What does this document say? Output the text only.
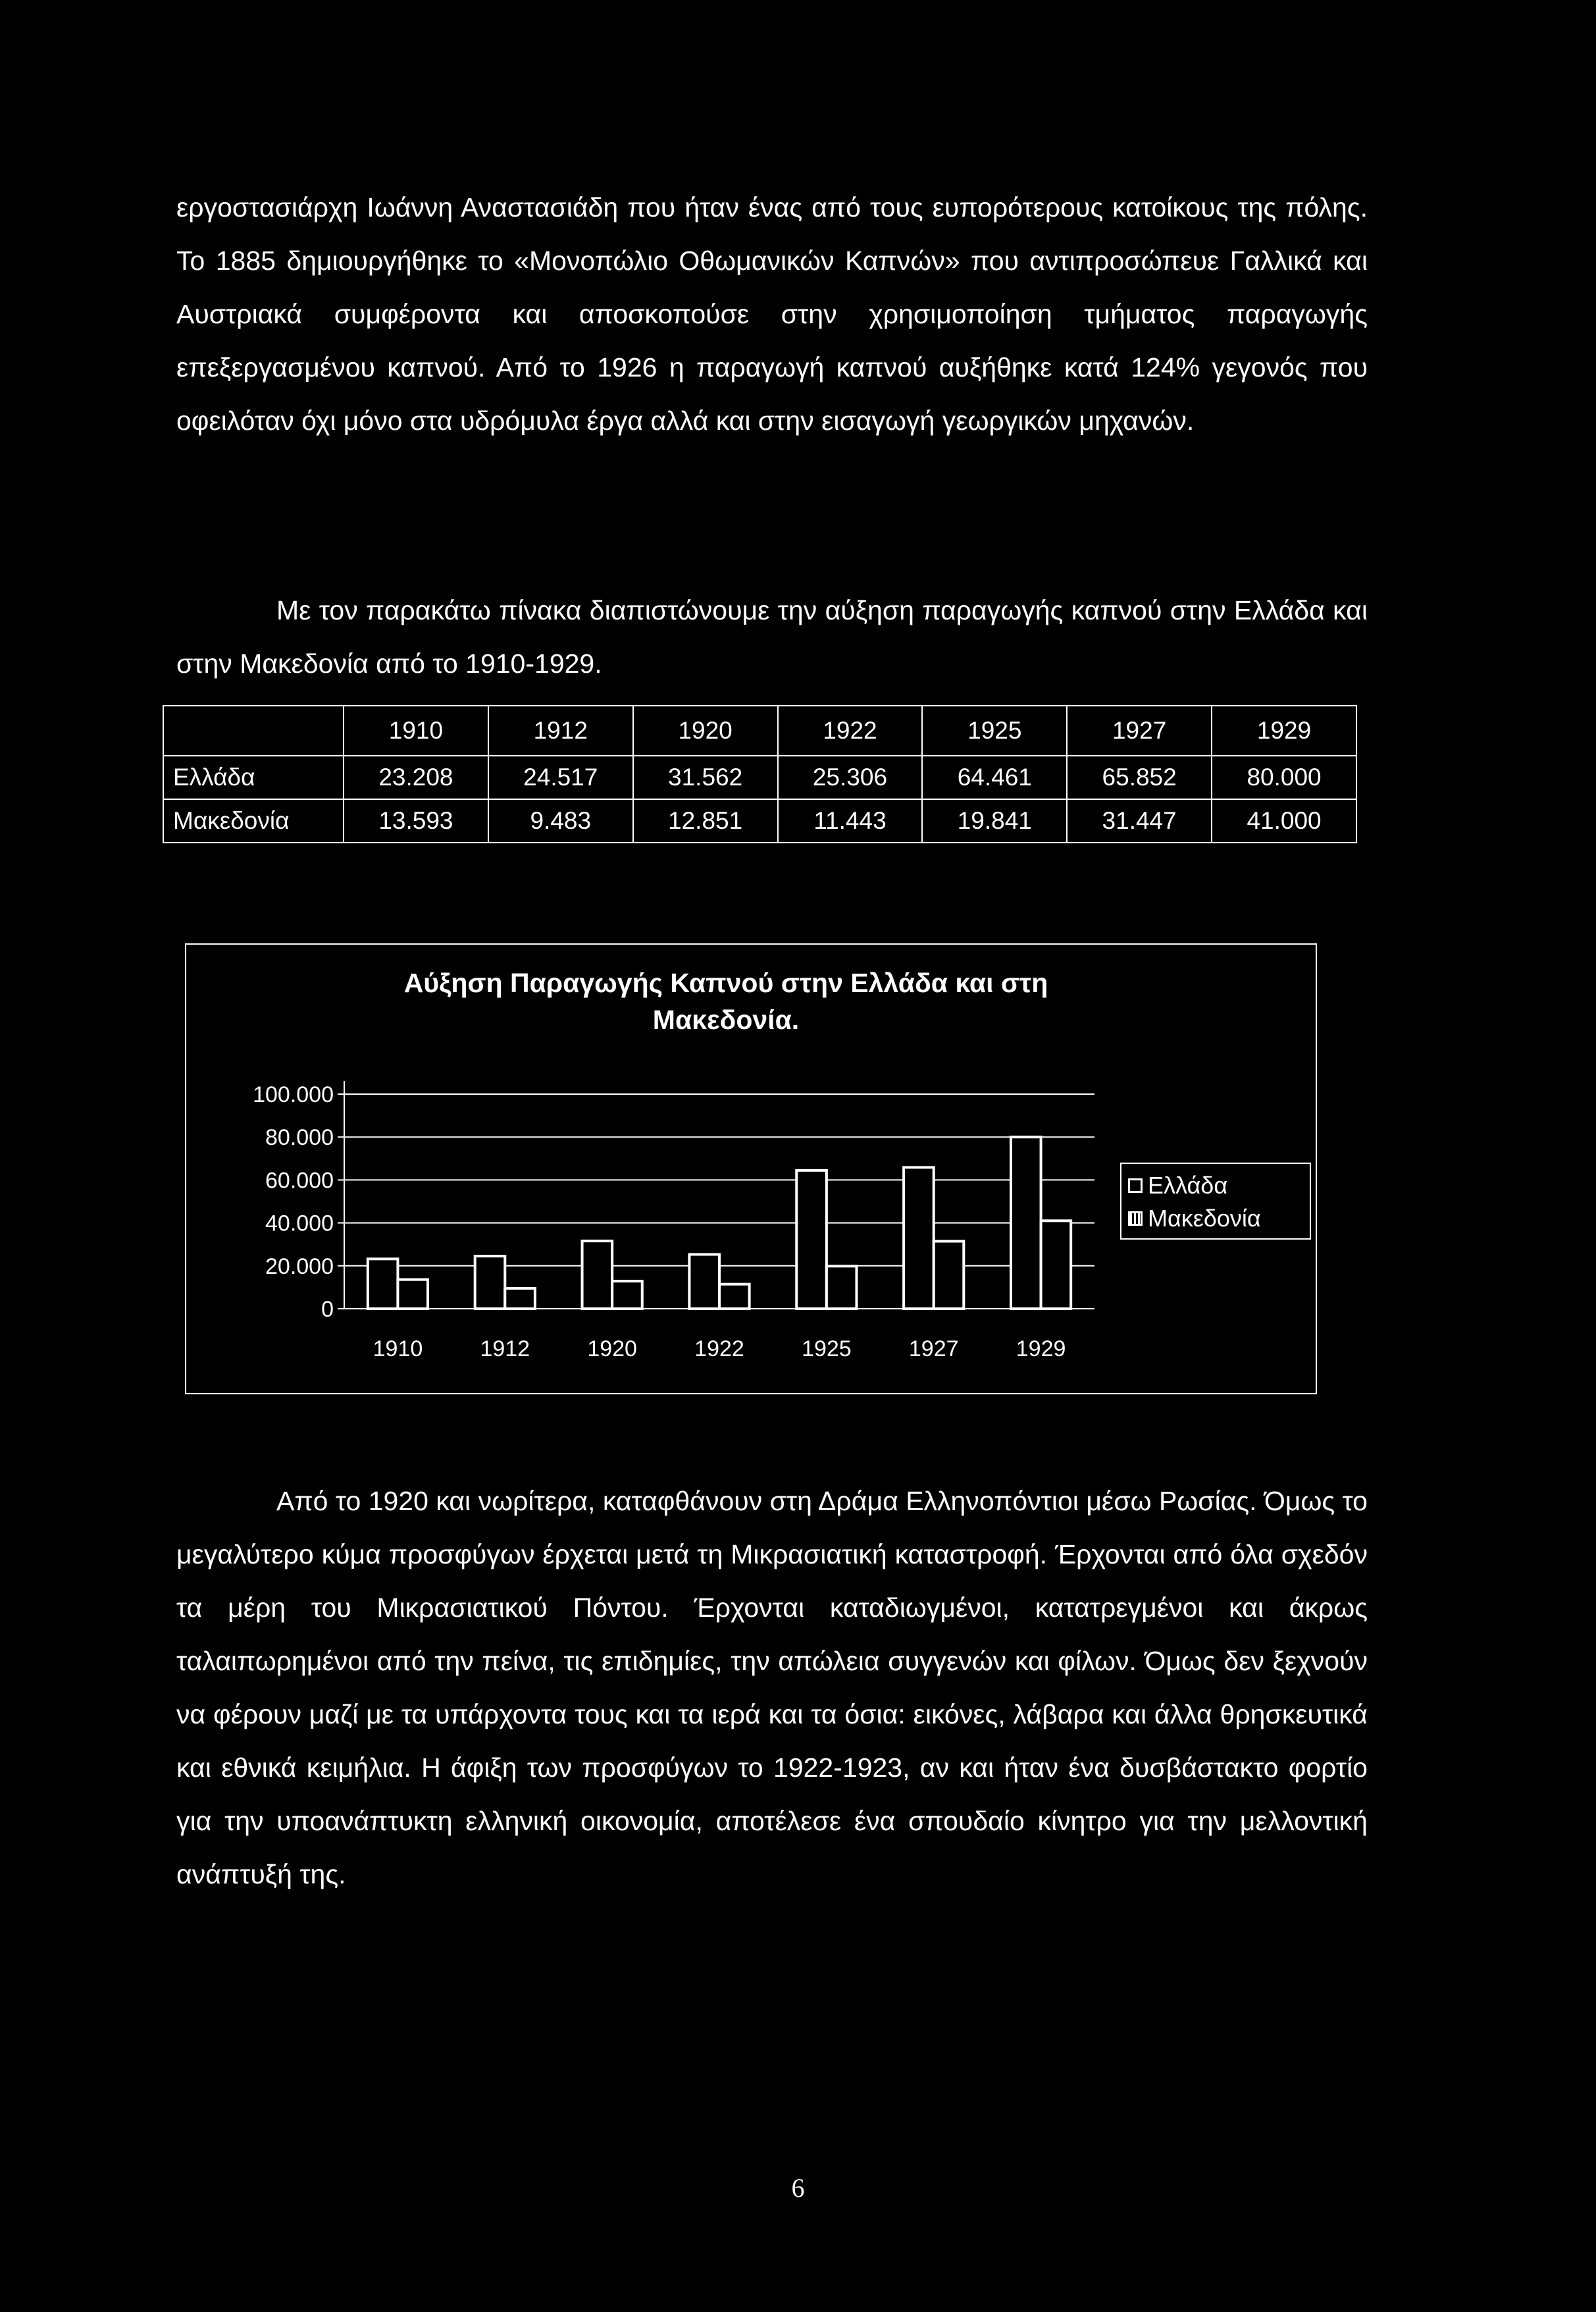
εργοστασιάρχη Ιωάννη Αναστασιάδη που ήταν ένας από τους ευπορότερους κατοίκους της πόλης. Το 1885 δημιουργήθηκε το «Μονοπώλιο Οθωμανικών Καπνών» που αντιπροσώπευε Γαλλικά και Αυστριακά συμφέροντα και αποσκοπούσε στην χρησιμοποίηση τμήματος παραγωγής επεξεργασμένου καπνού. Από το 1926 η παραγωγή καπνού αυξήθηκε κατά 124% γεγονός που οφειλόταν όχι μόνο στα υδρόμυλα έργα αλλά και στην εισαγωγή γεωργικών μηχανών.

Με τον παρακάτω πίνακα διαπιστώνουμε την αύξηση παραγωγής καπνού στην Ελλάδα και στην Μακεδονία από το 1910-1929.

	1910	1912	1920	1922	1925	1927	1929
Ελλάδα	23.208	24.517	31.562	25.306	64.461	65.852	80.000
Μακεδονία	13.593	9.483	12.851	11.443	19.841	31.447	41.000
Αύξηση Παραγωγής Καπνού στην Ελλάδα και στη
Μακεδονία.
100.000
80.000
60.000
40.000
20.000
0
1910	1912	1920	1922	1925	1927	1929
Ελλάδα
Μακεδονία

Από το 1920 και νωρίτερα, καταφθάνουν στη Δράμα Ελληνοπόντιοι μέσω Ρωσίας. Όμως το μεγαλύτερο κύμα προσφύγων έρχεται μετά τη Μικρασιατική καταστροφή. Έρχονται από όλα σχεδόν τα μέρη του Μικρασιατικού Πόντου. Έρχονται καταδιωγμένοι, κατατρεγμένοι και άκρως ταλαιπωρημένοι από την πείνα, τις επιδημίες, την απώλεια συγγενών και φίλων. Όμως δεν ξεχνούν να φέρουν μαζί με τα υπάρχοντα τους και τα ιερά και τα όσια: εικόνες, λάβαρα και άλλα θρησκευτικά και εθνικά κειμήλια. Η άφιξη των προσφύγων το 1922-1923, αν και ήταν ένα δυσβάστακτο φορτίο για την υποανάπτυκτη ελληνική οικονομία, αποτέλεσε ένα σπουδαίο κίνητρο για την μελλοντική ανάπτυξή της.

6
